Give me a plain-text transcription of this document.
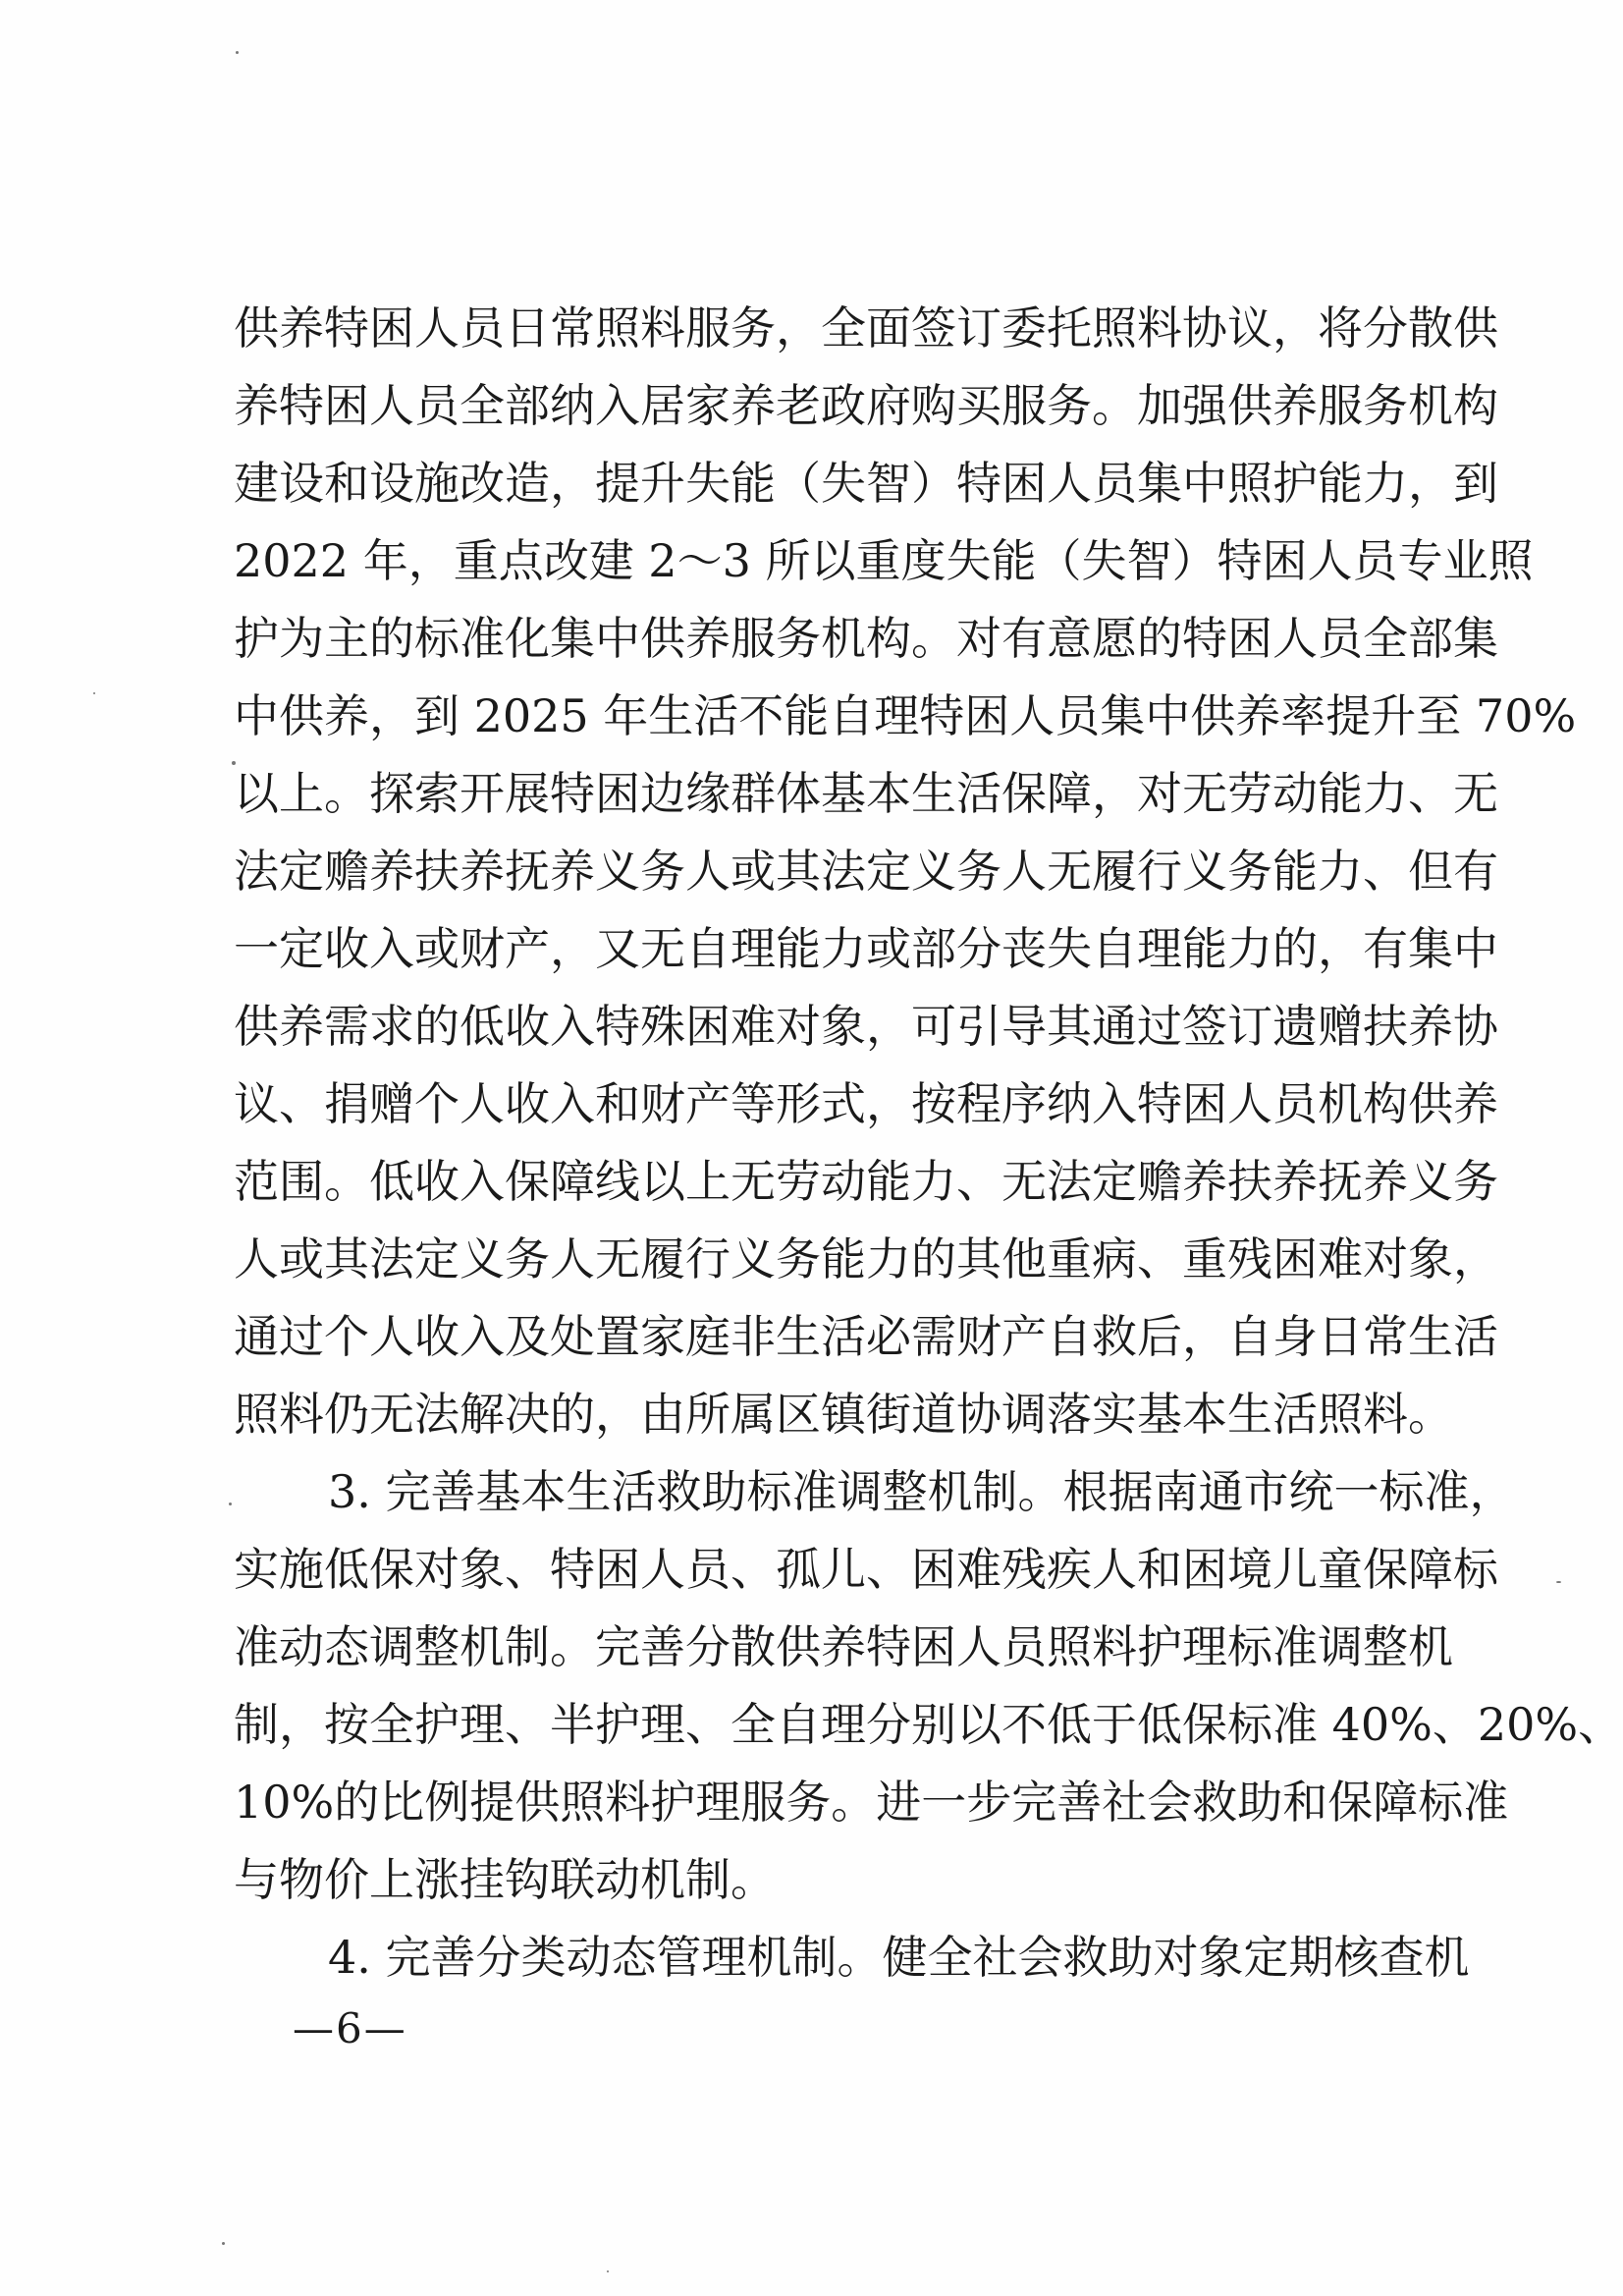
供养特困人员日常照料服务，全面签订委托照料协议，将分散供
养特困人员全部纳入居家养老政府购买服务。加强供养服务机构
建设和设施改造，提升失能（失智）特困人员集中照护能力，到
2022 年，重点改建 2～3 所以重度失能（失智）特困人员专业照
护为主的标准化集中供养服务机构。对有意愿的特困人员全部集
中供养，到 2025 年生活不能自理特困人员集中供养率提升至 70%
以上。探索开展特困边缘群体基本生活保障，对无劳动能力、无
法定赡养扶养抚养义务人或其法定义务人无履行义务能力、但有
一定收入或财产，又无自理能力或部分丧失自理能力的，有集中
供养需求的低收入特殊困难对象，可引导其通过签订遗赠扶养协
议、捐赠个人收入和财产等形式，按程序纳入特困人员机构供养
范围。低收入保障线以上无劳动能力、无法定赡养扶养抚养义务
人或其法定义务人无履行义务能力的其他重病、重残困难对象，
通过个人收入及处置家庭非生活必需财产自救后，自身日常生活
照料仍无法解决的，由所属区镇街道协调落实基本生活照料。
3. 完善基本生活救助标准调整机制。根据南通市统一标准，
实施低保对象、特困人员、孤儿、困难残疾人和困境儿童保障标
准动态调整机制。完善分散供养特困人员照料护理标准调整机
制，按全护理、半护理、全自理分别以不低于低保标准 40%、20%、
10%的比例提供照料护理服务。进一步完善社会救助和保障标准
与物价上涨挂钩联动机制。
4. 完善分类动态管理机制。健全社会救助对象定期核查机
—6—
